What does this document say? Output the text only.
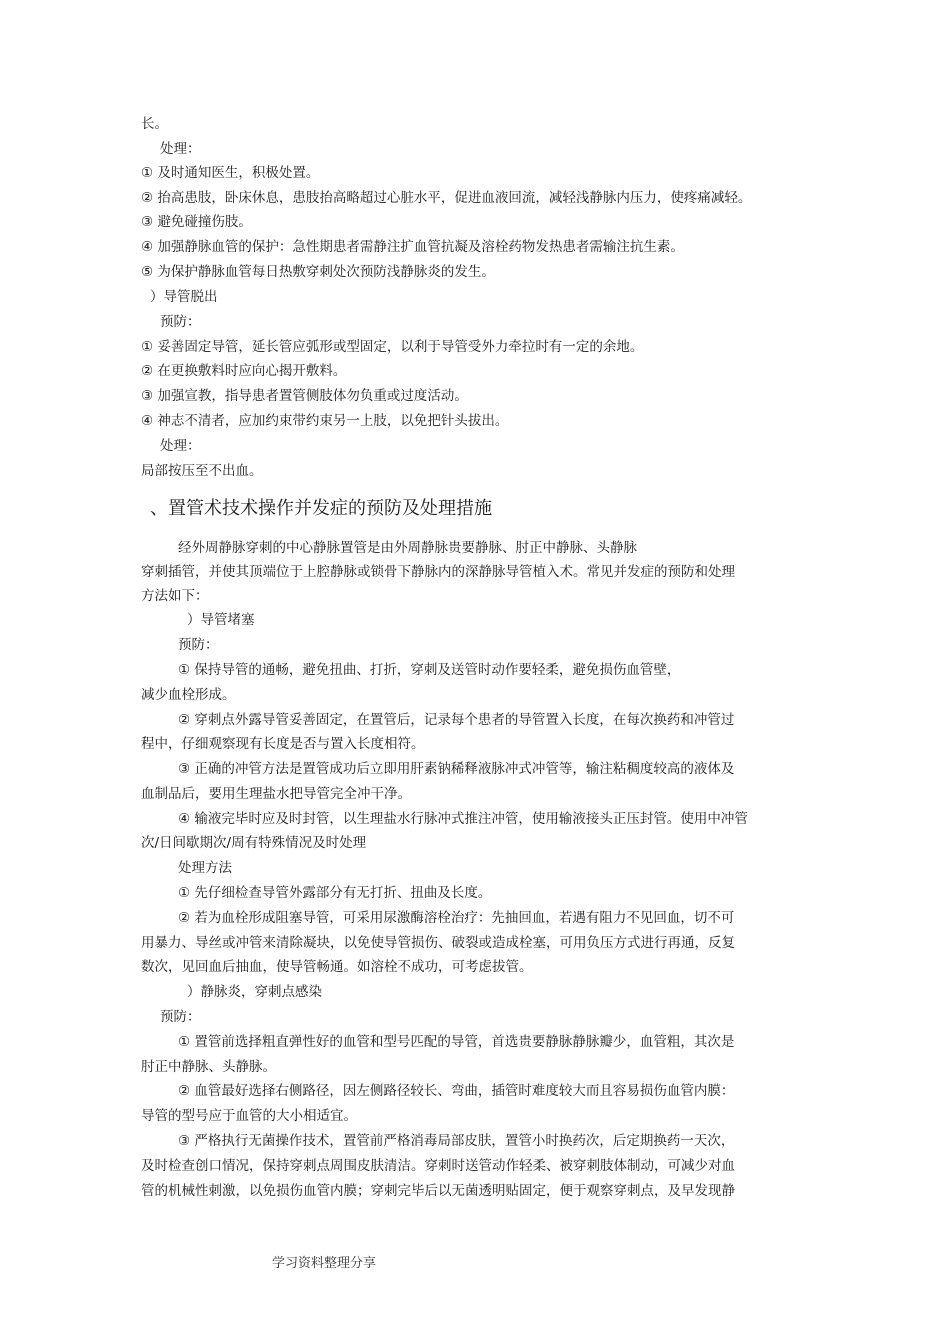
长。
处理：
① 及时通知医生，积极处置。
② 抬高患肢，卧床休息，患肢抬高略超过心脏水平，促进血液回流，减轻浅静脉内压力，使疼痛减轻。
③ 避免碰撞伤肢。
④ 加强静脉血管的保护：急性期患者需静注扩血管抗凝及溶栓药物发热患者需输注抗生素。
⑤ 为保护静脉血管每日热敷穿刺处次预防浅静脉炎的发生。
）导管脱出
预防：
① 妥善固定导管，延长管应弧形或型固定，以利于导管受外力牵拉时有一定的余地。
② 在更换敷料时应向心揭开敷料。
③ 加强宣教，指导患者置管侧肢体勿负重或过度活动。
④ 神志不清者，应加约束带约束另一上肢，以免把针头拔出。
处理：
局部按压至不出血。
、置管术技术操作并发症的预防及处理措施
经外周静脉穿刺的中心静脉置管是由外周静脉贵要静脉、肘正中静脉、头静脉
穿刺插管，并使其顶端位于上腔静脉或锁骨下静脉内的深静脉导管植入术。常见并发症的预防和处理
方法如下：
）导管堵塞
预防：
① 保持导管的通畅，避免扭曲、打折，穿刺及送管时动作要轻柔，避免损伤血管壁，
减少血栓形成。
② 穿刺点外露导管妥善固定，在置管后，记录每个患者的导管置入长度，在每次换药和冲管过
程中，仔细观察现有长度是否与置入长度相符。
③ 正确的冲管方法是置管成功后立即用肝素钠稀释液脉冲式冲管等，输注粘稠度较高的液体及
血制品后，要用生理盐水把导管完全冲干净。
④ 输液完毕时应及时封管，以生理盐水行脉冲式推注冲管，使用输液接头正压封管。使用中冲管
次/日间歇期次/周有特殊情况及时处理
处理方法
① 先仔细检查导管外露部分有无打折、扭曲及长度。
② 若为血栓形成阻塞导管，可采用尿激酶溶栓治疗：先抽回血，若遇有阻力不见回血，切不可
用暴力、导丝或冲管来清除凝块，以免使导管损伤、破裂或造成栓塞，可用负压方式进行再通，反复
数次，见回血后抽血，使导管畅通。如溶栓不成功，可考虑拔管。
）静脉炎，穿刺点感染
预防：
① 置管前选择粗直弹性好的血管和型号匹配的导管，首选贵要静脉静脉瓣少，血管粗，其次是
肘正中静脉、头静脉。
② 血管最好选择右侧路径，因左侧路径较长、弯曲，插管时难度较大而且容易损伤血管内膜：
导管的型号应于血管的大小相适宜。
③ 严格执行无菌操作技术，置管前严格消毒局部皮肤，置管小时换药次，后定期换药一天次，
及时检查创口情况，保持穿刺点周围皮肤清洁。穿刺时送管动作轻柔、被穿刺肢体制动，可减少对血
管的机械性刺激，以免损伤血管内膜；穿刺完毕后以无菌透明贴固定，便于观察穿刺点，及早发现静
学习资料整理分享
